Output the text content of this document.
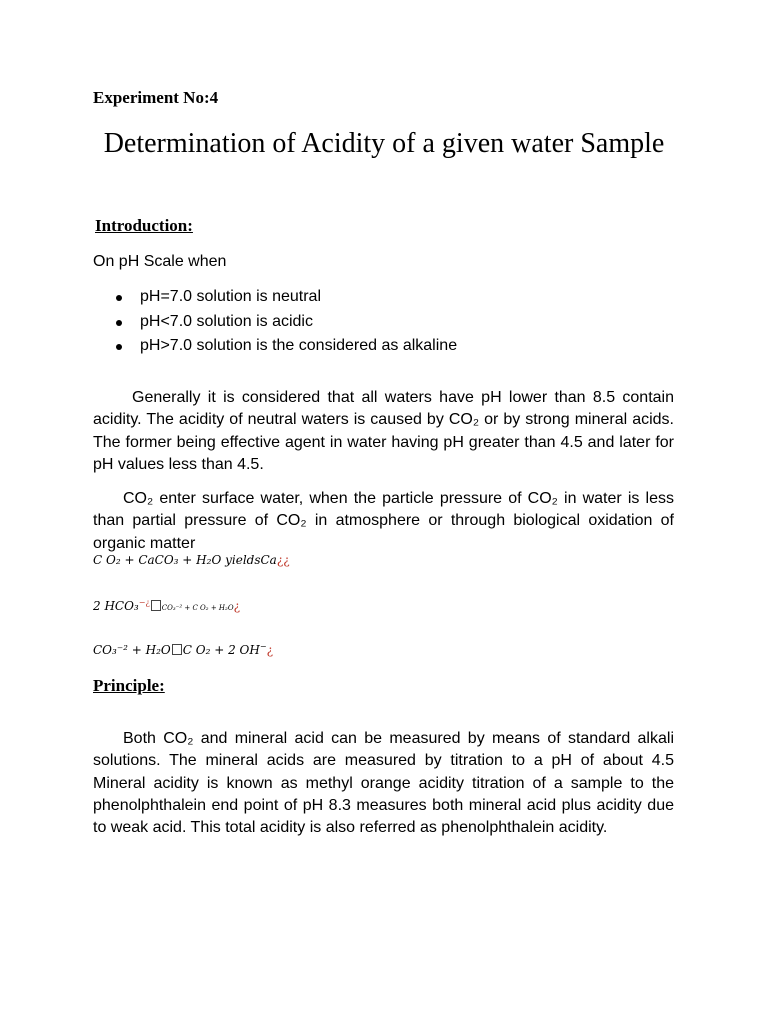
Experiment No:4
Determination of Acidity of a given water Sample
Introduction:
On pH Scale when
pH=7.0 solution is neutral
pH<7.0 solution is acidic
pH>7.0 solution is the considered as alkaline

Generally it is considered that all waters have pH lower than 8.5 contain acidity. The acidity of neutral waters is caused by CO₂ or by strong mineral acids. The former being effective agent in water having pH greater than 4.5 and later for pH values less than 4.5.

CO₂ enter surface water, when the particle pressure of CO₂ in water is less than partial pressure of CO₂ in atmosphere or through biological oxidation of organic matter

C O₂ + CaCO₃ + H₂O yieldsCa¿¿
2 HCO₃−¿CO₃⁻² + C O₂ + H₂O¿
CO₃⁻² + H₂O C O₂ + 2 OH−¿
Principle:

Both CO₂ and mineral acid can be measured by means of standard alkali solutions. The mineral acids are measured by titration to a pH of about 4.5 Mineral acidity is known as methyl orange acidity titration of a sample to the phenolphthalein end point of pH 8.3 measures both mineral acid plus acidity due to weak acid. This total acidity is also referred as phenolphthalein acidity.
